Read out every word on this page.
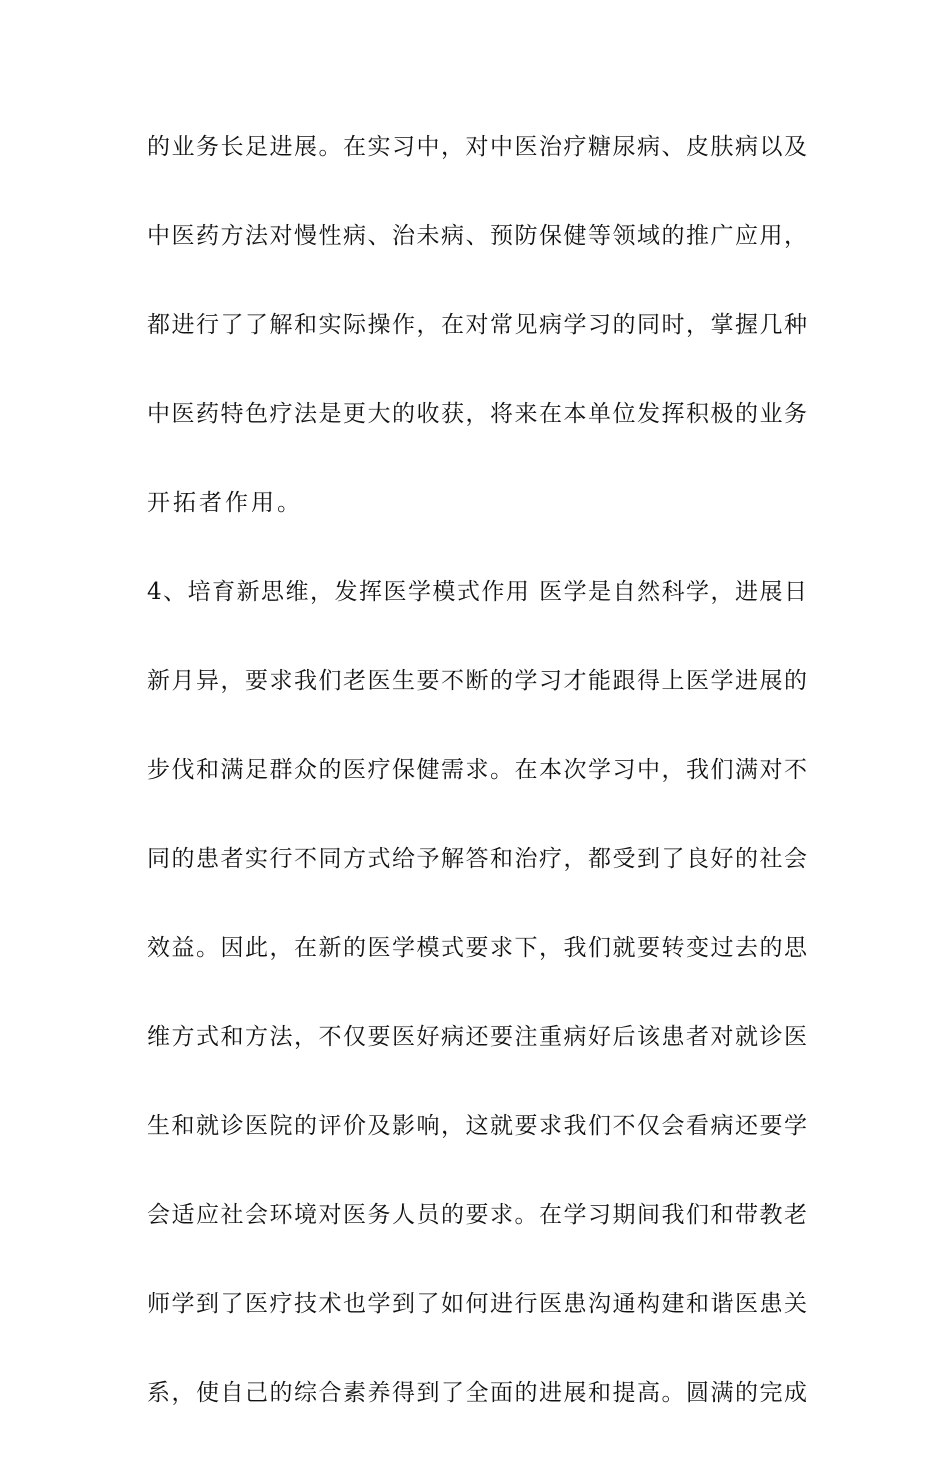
的业务长足进展。在实习中，对中医治疗糖尿病、皮肤病以及
中医药方法对慢性病、治未病、预防保健等领域的推广应用，
都进行了了解和实际操作，在对常见病学习的同时，掌握几种
中医药特色疗法是更大的收获，将来在本单位发挥积极的业务
开拓者作用。
4、培育新思维，发挥医学模式作用 医学是自然科学，进展日
新月异，要求我们老医生要不断的学习才能跟得上医学进展的
步伐和满足群众的医疗保健需求。在本次学习中，我们满对不
同的患者实行不同方式给予解答和治疗，都受到了良好的社会
效益。因此，在新的医学模式要求下，我们就要转变过去的思
维方式和方法，不仅要医好病还要注重病好后该患者对就诊医
生和就诊医院的评价及影响，这就要求我们不仅会看病还要学
会适应社会环境对医务人员的要求。在学习期间我们和带教老
师学到了医疗技术也学到了如何进行医患沟通构建和谐医患关
系，使自己的综合素养得到了全面的进展和提高。圆满的完成
